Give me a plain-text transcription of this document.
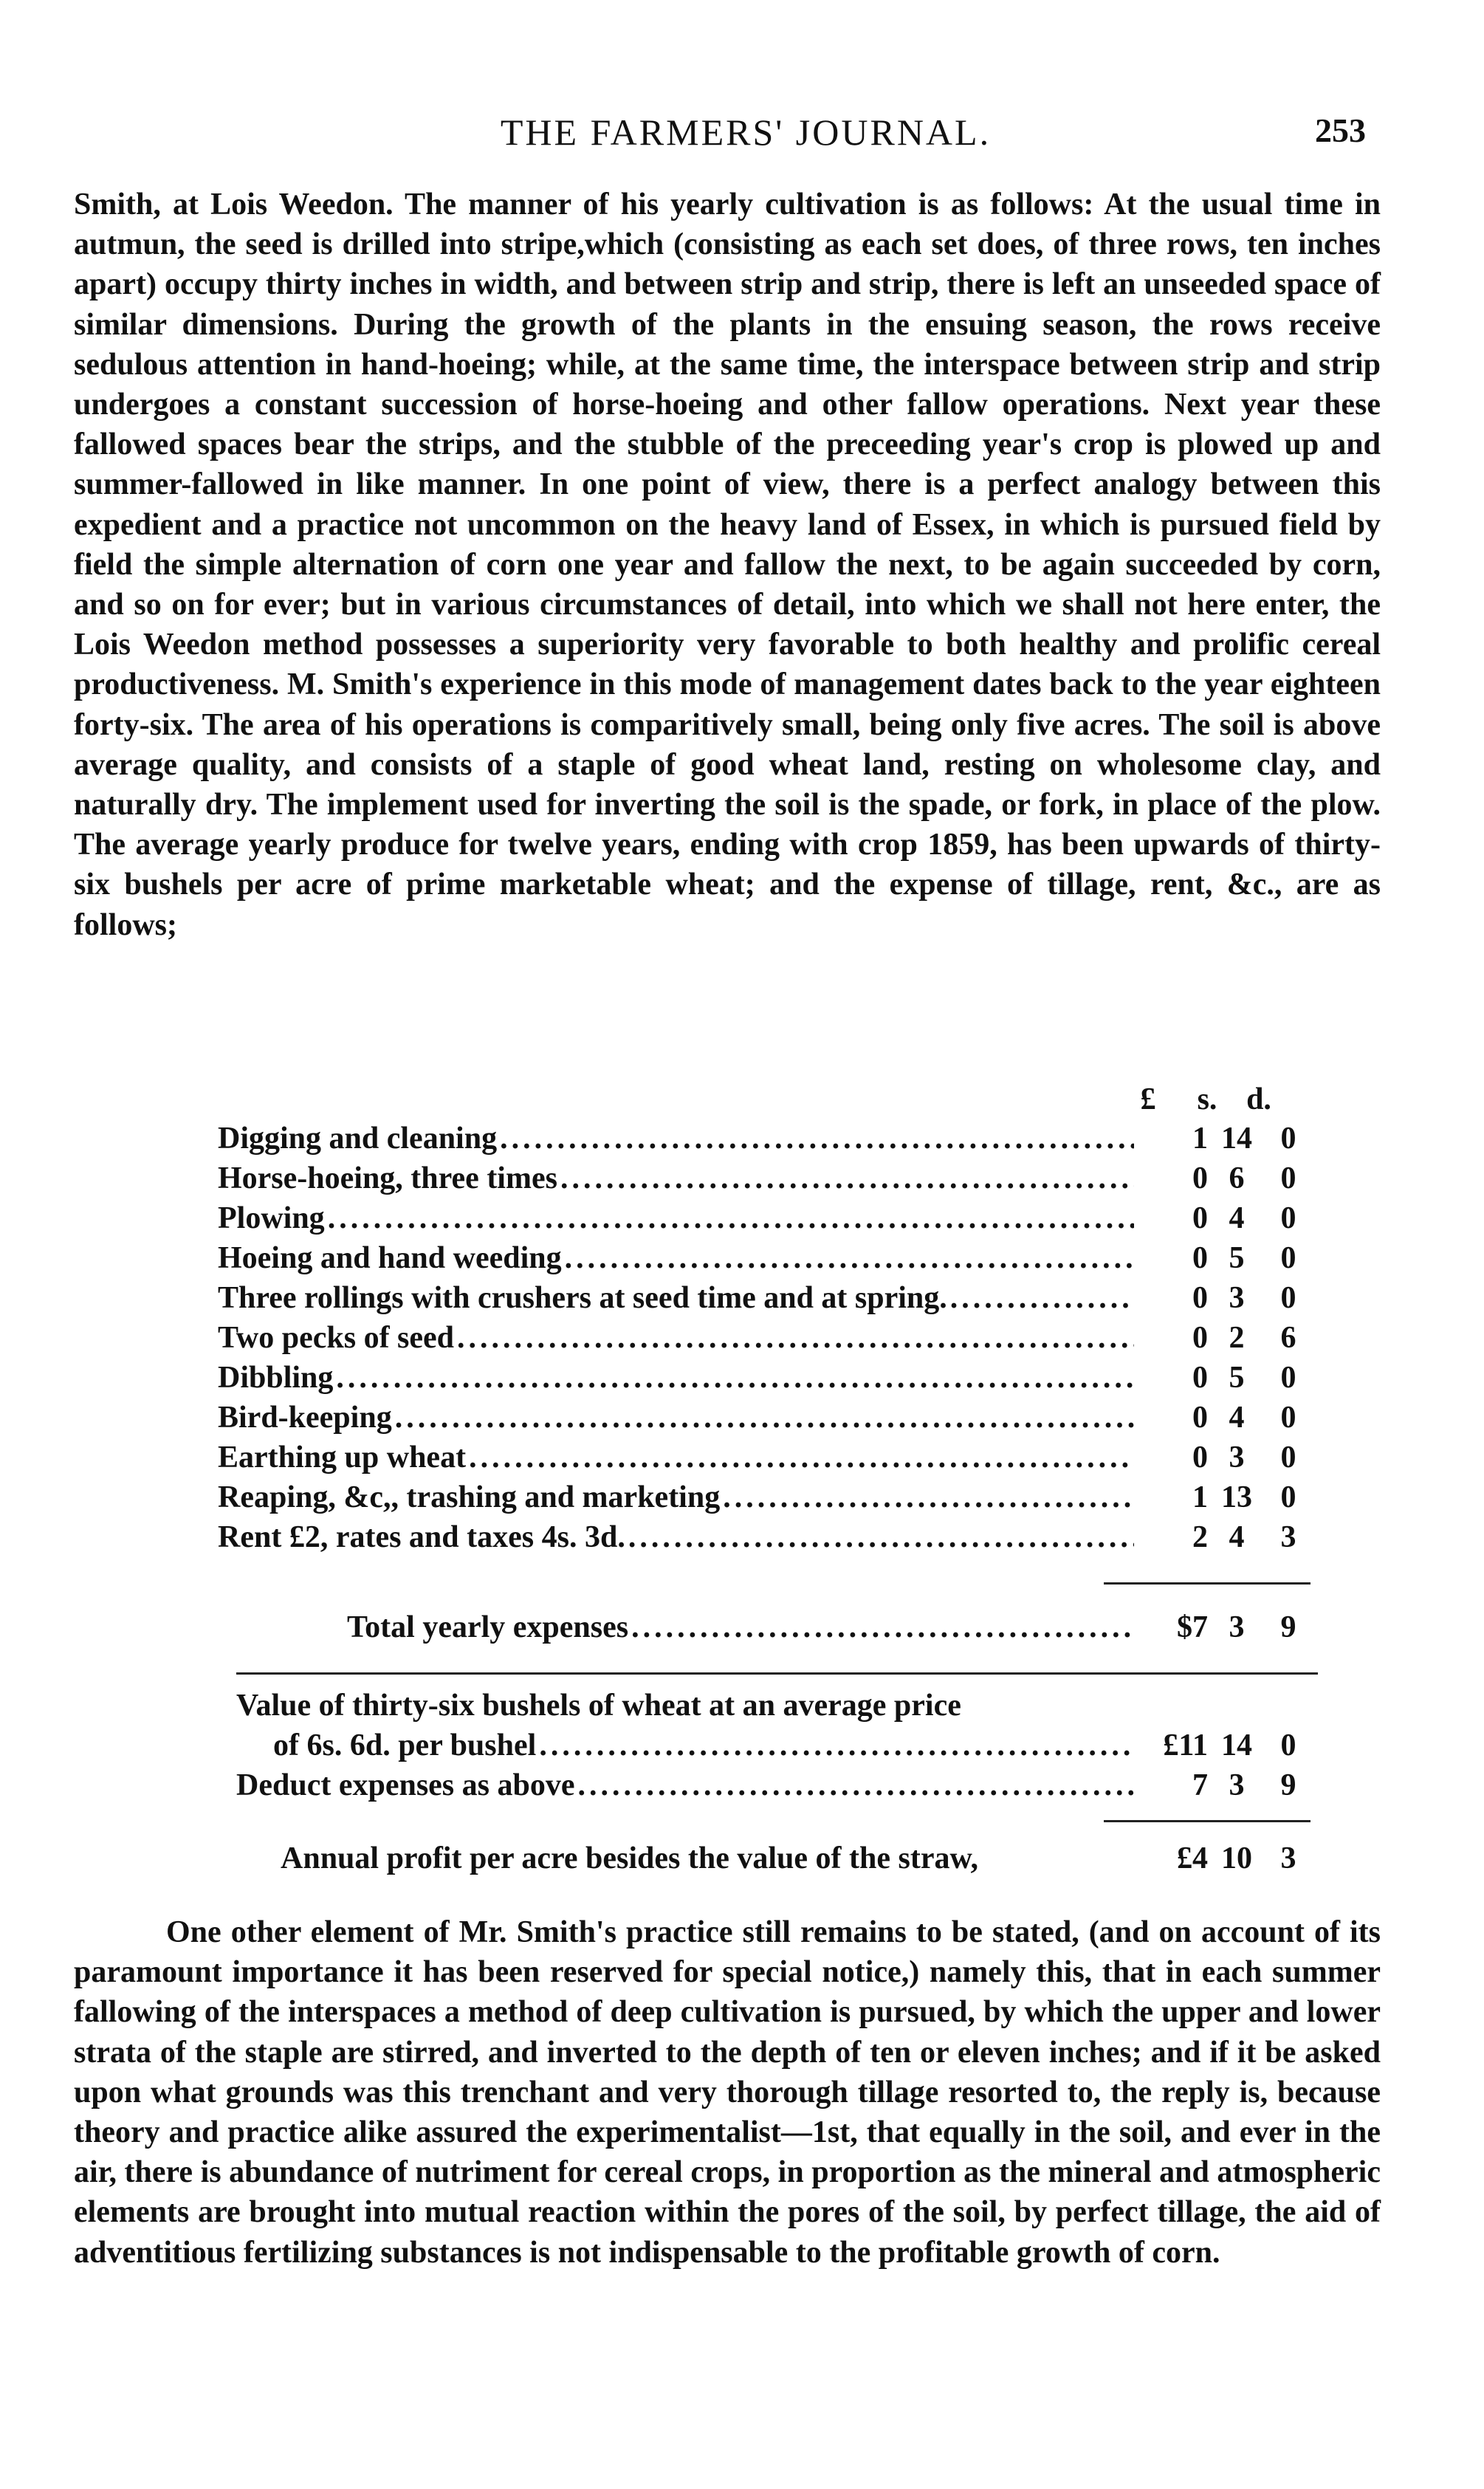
THE FARMERS' JOURNAL.	253

Smith, at Lois Weedon. The manner of his yearly cultivation is as follows: At the usual time in autmun, the seed is drilled into stripe,which (consisting as each set does, of three rows, ten inches apart) occupy thirty inches in width, and between strip and strip, there is left an unseeded space of similar dimensions. During the growth of the plants in the ensuing season, the rows receive sedulous attention in hand-hoeing; while, at the same time, the interspace between strip and strip undergoes a constant succession of horse-hoeing and other fallow operations. Next year these fallowed spaces bear the strips, and the stubble of the preceeding year's crop is plowed up and summer-fallowed in like manner. In one point of view, there is a perfect analogy between this expedient and a practice not uncommon on the heavy land of Essex, in which is pursued field by field the simple alternation of corn one year and fallow the next, to be again succeeded by corn, and so on for ever; but in various circumstances of detail, into which we shall not here enter, the Lois Weedon method possesses a superiority very favorable to both healthy and prolific cereal productiveness. M. Smith's experience in this mode of management dates back to the year eighteen forty-six. The area of his operations is comparitively small, being only five acres. The soil is above average quality, and consists of a staple of good wheat land, resting on wholesome clay, and naturally dry. The implement used for inverting the soil is the spade, or fork, in place of the plow. The average yearly produce for twelve years, ending with crop 1859, has been upwards of thirty-six bushels per acre of prime marketable wheat; and the expense of tillage, rent, &c., are as follows;

£	s. d.
Digging and cleaning .....	1 14 0
Horse-hoeing, three times .....	0 6	0
Plowing .....	0 4	0
Hoeing and hand weeding .....	0 5	0
Three rollings with crushers at seed time and at spring. .....	0 3	0
Two pecks of seed .....	0 2	6
Dibbling .....	0 5	0
Bird-keeping .....	0 4	0
Earthing up wheat .....	0 3	0
Reaping, &c,, trashing and marketing .....	1 13 0
Rent £2, rates and taxes 4s. 3d. .....	2 4	3
Total yearly expenses .....	$7 3	9
Value of thirty-six bushels of wheat at an average price
of 6s. 6d. per bushel .....	£11 14 0
Deduct expenses as above .....	7 3	9
Annual profit per acre besides the value of the straw,	£4 10 3

One other element of Mr. Smith's practice still remains to be stated, (and on account of its paramount importance it has been reserved for special notice,) namely this, that in each summer fallowing of the interspaces a method of deep cultivation is pursued, by which the upper and lower strata of the staple are stirred, and inverted to the depth of ten or eleven inches; and if it be asked upon what grounds was this trenchant and very thorough tillage resorted to, the reply is, because theory and practice alike assured the experimentalist—1st, that equally in the soil, and ever in the air, there is abundance of nutriment for cereal crops, in proportion as the mineral and atmospheric elements are brought into mutual reaction within the pores of the soil, by perfect tillage, the aid of adventitious fertilizing substances is not indispensable to the profitable growth of corn.
